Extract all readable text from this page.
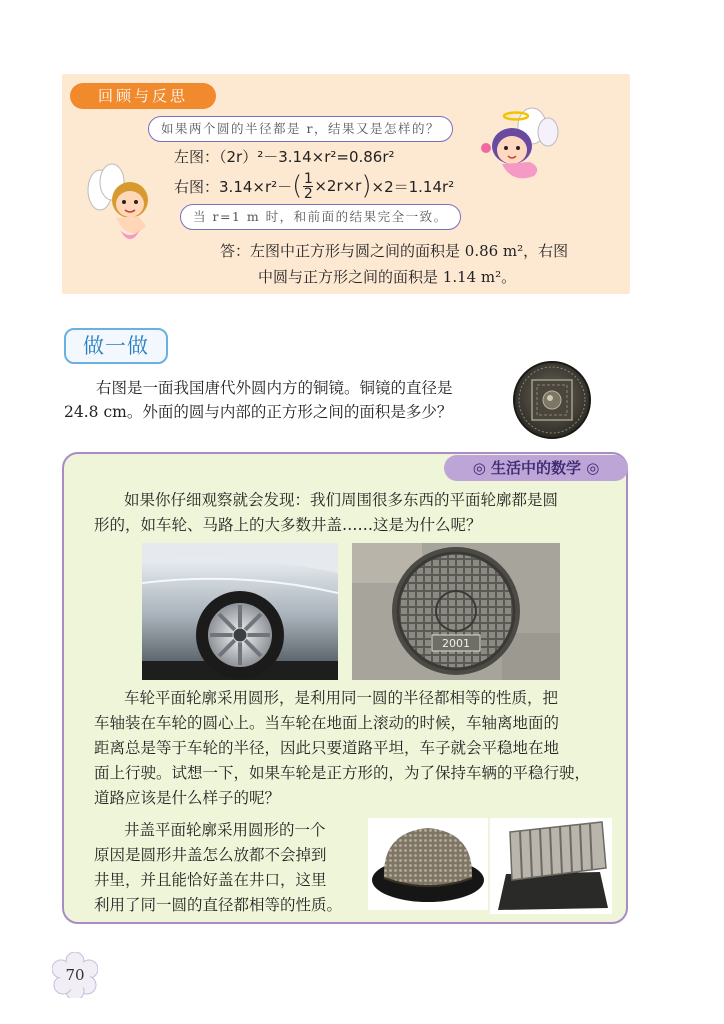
回顾与反思
如果两个圆的半径都是 r，结果又是怎样的？
左图：（2r）²－3.14×r²=0.86r²
右图： 3.14×r²－ ( $\frac{1}{2} \times 2r\times r$ ) ×2＝1.14r²
当 r=1 m 时，和前面的结果完全一致。
答：左图中正方形与圆之间的面积是 0.86 m²，右图
中圆与正方形之间的面积是 1.14 m²。
做一做
右图是一面我国唐代外圆内方的铜镜。铜镜的直径是
24.8 cm。外面的圆与内部的正方形之间的面积是多少？
◎ 生活中的数学 ◎
如果你仔细观察就会发现：我们周围很多东西的平面轮廓都是圆
形的，如车轮、马路上的大多数井盖……这是为什么呢？
2001
车轮平面轮廓采用圆形，是利用同一圆的半径都相等的性质，把
车轴装在车轮的圆心上。当车轮在地面上滚动的时候，车轴离地面的
距离总是等于车轮的半径，因此只要道路平坦，车子就会平稳地在地
面上行驶。试想一下，如果车轮是正方形的，为了保持车辆的平稳行驶，
道路应该是什么样子的呢？
井盖平面轮廓采用圆形的一个
原因是圆形井盖怎么放都不会掉到
井里，并且能恰好盖在井口，这里
利用了同一圆的直径都相等的性质。
70
